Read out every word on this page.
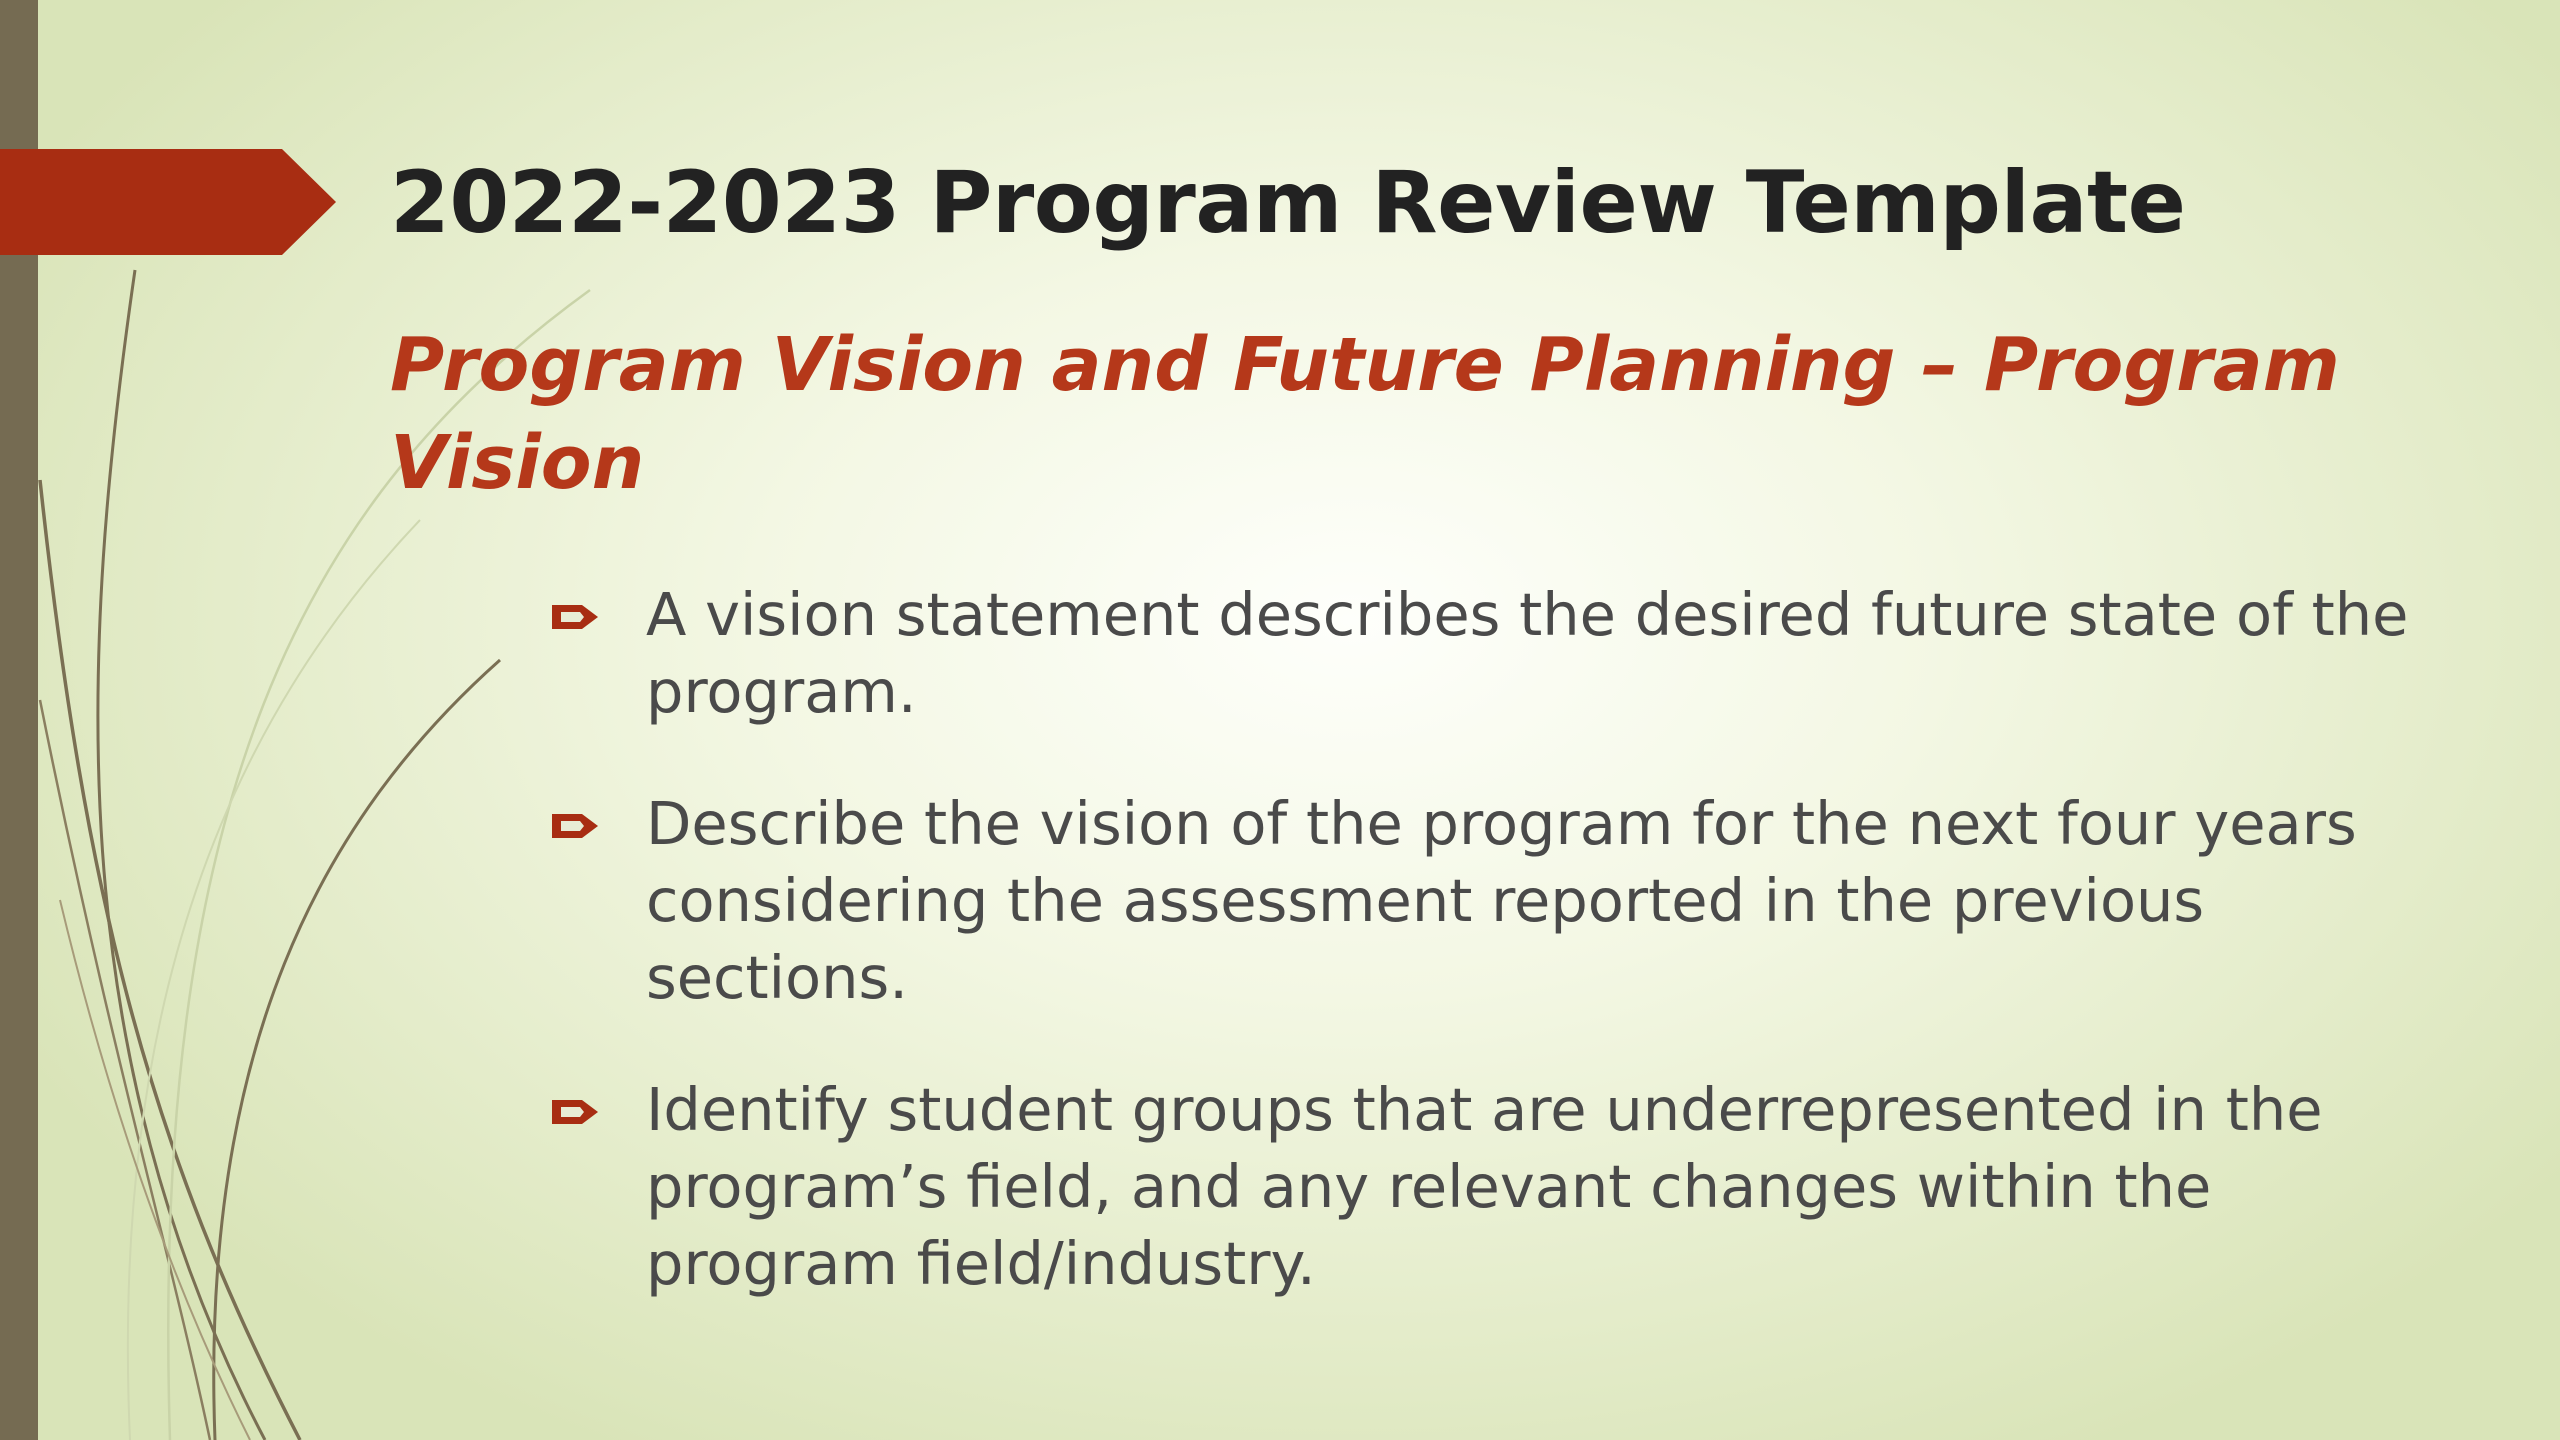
2022-2023 Program Review Template
Program Vision and Future Planning – Program Vision
A vision statement describes the desired future state of the program.
Describe the vision of the program for the next four years considering the assessment reported in the previous sections.
Identify student groups that are underrepresented in the program’s field, and any relevant changes within the program field/industry.
